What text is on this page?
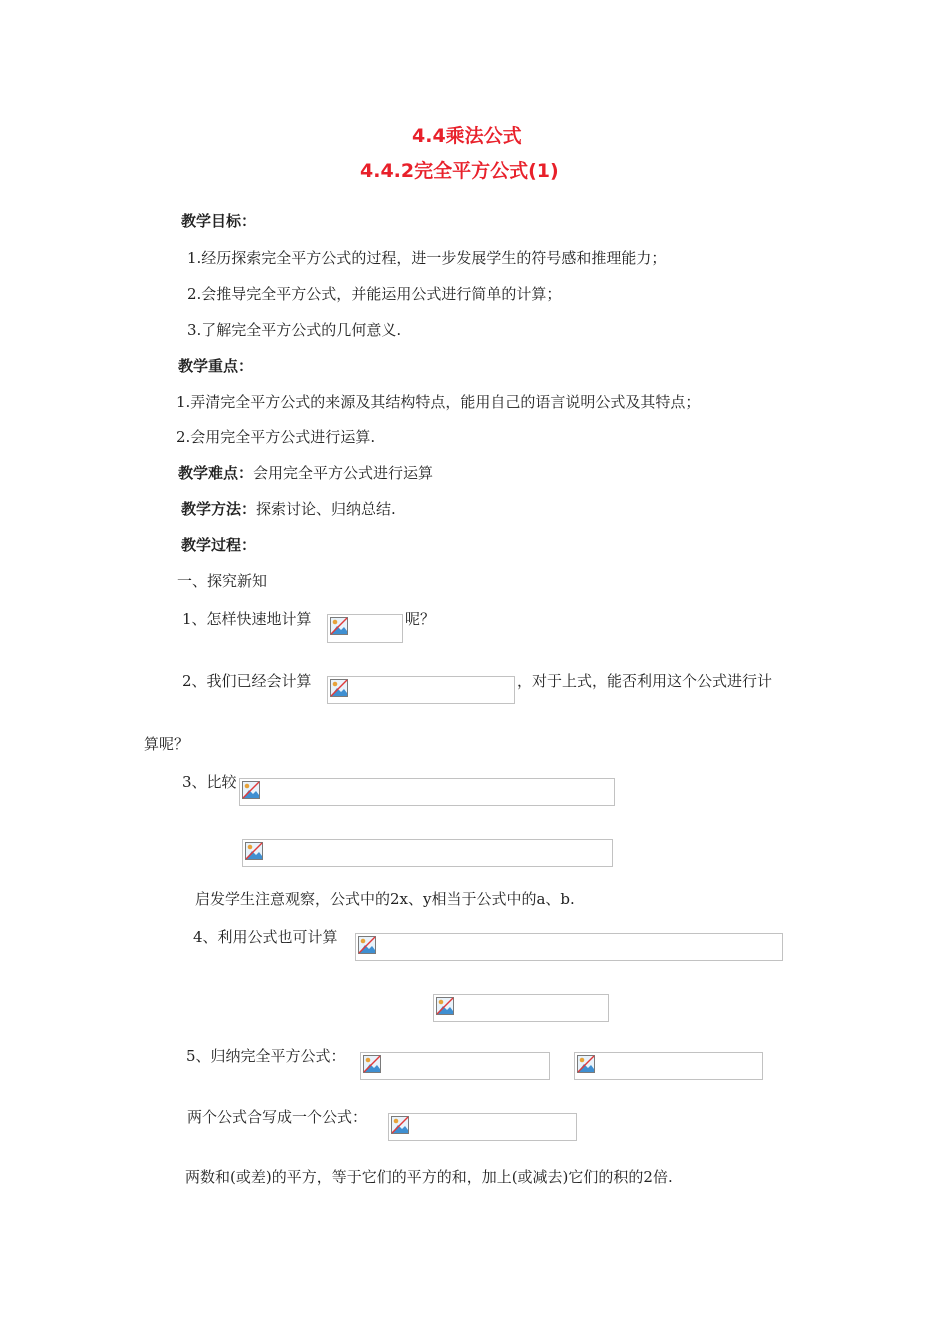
4.4乘法公式
4.4.2完全平方公式(1)
教学目标：
1.经历探索完全平方公式的过程，进一步发展学生的符号感和推理能力；
2.会推导完全平方公式，并能运用公式进行简单的计算；
3.了解完全平方公式的几何意义.
教学重点：
1.弄清完全平方公式的来源及其结构特点，能用自己的语言说明公式及其特点；
2.会用完全平方公式进行运算.
教学难点：会用完全平方公式进行运算
教学方法：探索讨论、归纳总结.
教学过程：
一、探究新知
1、怎样快速地计算	呢？
2、我们已经会计算	，对于上式，能否利用这个公式进行计
算呢？
3、比较
启发学生注意观察，公式中的2x、y相当于公式中的a、b.
4、利用公式也可计算
5、归纳完全平方公式：
两个公式合写成一个公式：
两数和(或差)的平方，等于它们的平方的和，加上(或减去)它们的积的2倍.
